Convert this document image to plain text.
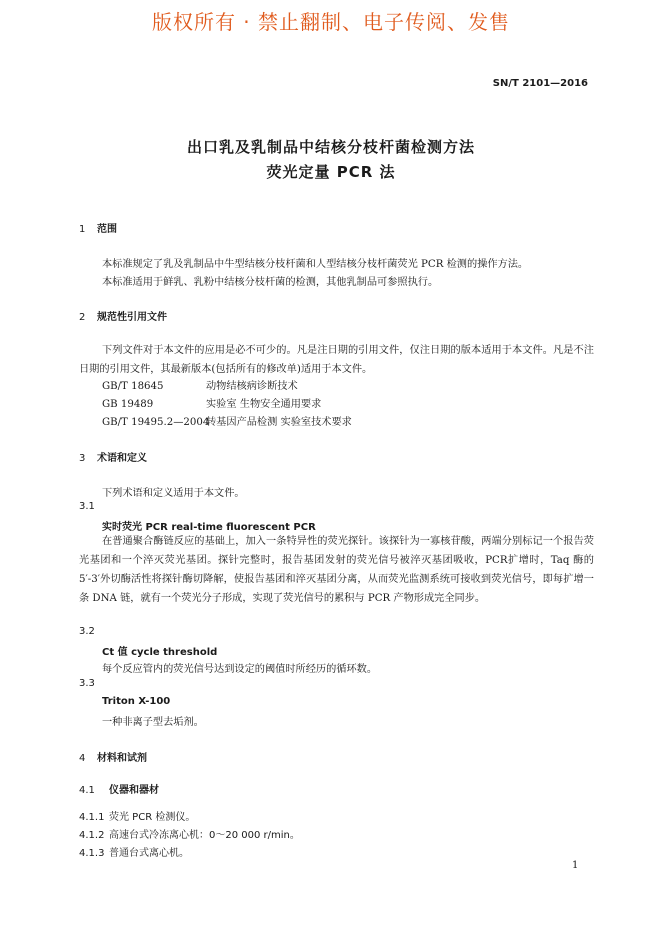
版权所有 · 禁止翻制、电子传阅、发售
SN/T 2101—2016
出口乳及乳制品中结核分枝杆菌检测方法
荧光定量 PCR 法
1 范围
本标准规定了乳及乳制品中牛型结核分枝杆菌和人型结核分枝杆菌荧光 PCR 检测的操作方法。
本标准适用于鲜乳、乳粉中结核分枝杆菌的检测，其他乳制品可参照执行。
2 规范性引用文件
下列文件对于本文件的应用是必不可少的。凡是注日期的引用文件，仅注日期的版本适用于本文件。凡是不注日期的引用文件，其最新版本(包括所有的修改单)适用于本文件。
GB/T 18645	动物结核病诊断技术
GB 19489	实验室 生物安全通用要求
GB/T 19495.2—2004转基因产品检测 实验室技术要求
3 术语和定义
下列术语和定义适用于本文件。
3.1
实时荧光 PCR real-time fluorescent PCR
在普通聚合酶链反应的基础上，加入一条特异性的荧光探针。该探针为一寡核苷酸，两端分别标记一个报告荧光基团和一个淬灭荧光基团。探针完整时，报告基团发射的荧光信号被淬灭基团吸收，PCR扩增时，Taq 酶的 5′-3′外切酶活性将探针酶切降解，使报告基团和淬灭基团分离，从而荧光监测系统可接收到荧光信号，即每扩增一条 DNA 链，就有一个荧光分子形成，实现了荧光信号的累积与 PCR 产物形成完全同步。
3.2
Ct 值 cycle threshold
每个反应管内的荧光信号达到设定的阈值时所经历的循环数。
3.3
Triton X-100
一种非离子型去垢剂。
4 材料和试剂
4.1 仪器和器材
4.1.1 荧光 PCR 检测仪。
4.1.2 高速台式冷冻离心机：0～20 000 r/min。
4.1.3 普通台式离心机。
1
